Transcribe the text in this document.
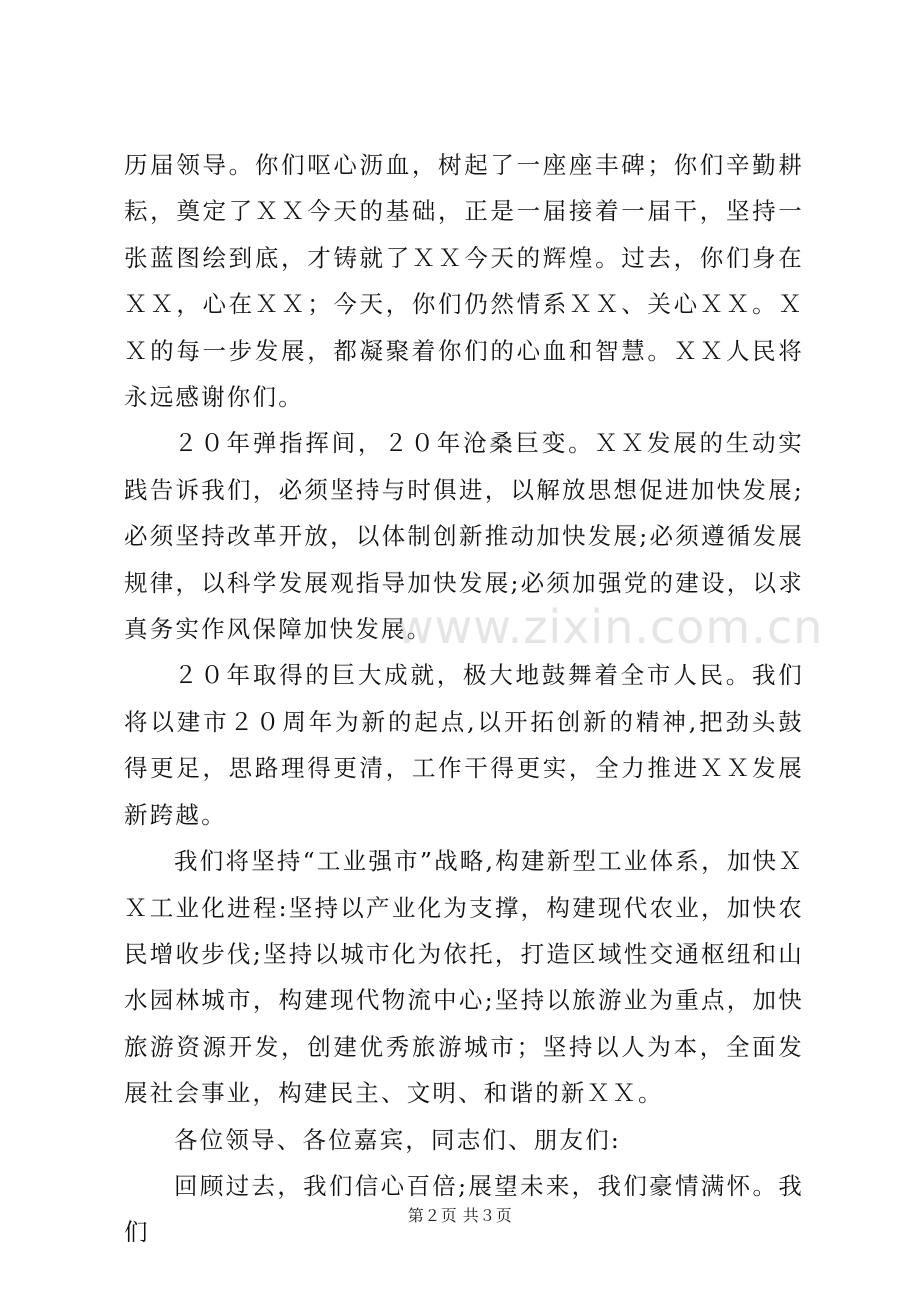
历届领导。你们呕心沥血，树起了一座座丰碑；你们辛勤耕耘，奠定了ＸＸ今天的基础，正是一届接着一届干，坚持一张蓝图绘到底，才铸就了ＸＸ今天的辉煌。过去，你们身在ＸＸ，心在ＸＸ；今天，你们仍然情系ＸＸ、关心ＸＸ。ＸＸ的每一步发展，都凝聚着你们的心血和智慧。ＸＸ人民将永远感谢你们。

２０年弹指挥间，２０年沧桑巨变。ＸＸ发展的生动实践告诉我们，必须坚持与时俱进，以解放思想促进加快发展;必须坚持改革开放，以体制创新推动加快发展;必须遵循发展规律，以科学发展观指导加快发展;必须加强党的建设，以求真务实作风保障加快发展。

２０年取得的巨大成就，极大地鼓舞着全市人民。我们将以建市２０周年为新的起点,以开拓创新的精神,把劲头鼓得更足，思路理得更清，工作干得更实，全力推进ＸＸ发展新跨越。

我们将坚持“工业强市”战略,构建新型工业体系，加快ＸＸ工业化进程:坚持以产业化为支撑，构建现代农业，加快农民增收步伐;坚持以城市化为依托，打造区域性交通枢纽和山水园林城市，构建现代物流中心;坚持以旅游业为重点，加快旅游资源开发，创建优秀旅游城市；坚持以人为本，全面发展社会事业，构建民主、文明、和谐的新ＸＸ。

各位领导、各位嘉宾，同志们、朋友们:

回顾过去，我们信心百倍;展望未来，我们豪情满怀。我们

www.zixin.com.cn
第２页 共３页
